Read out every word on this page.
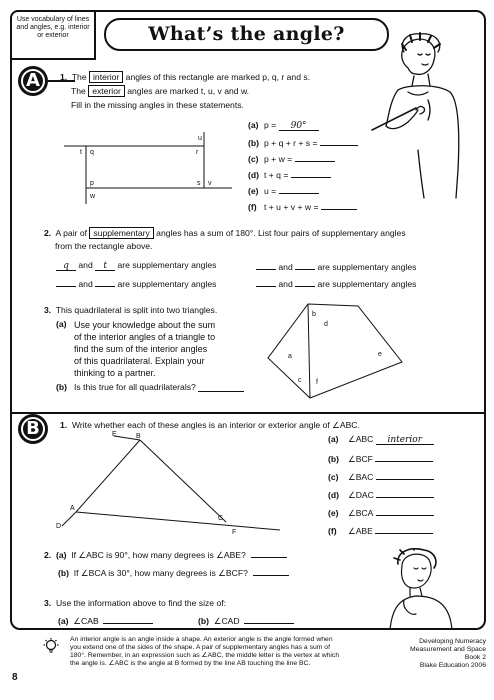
Use vocabulary of lines and angles, e.g. interior or exterior	What’s the angle?
A	1. The interior angles of this rectangle are marked p, q, r and s.
The exterior angles are marked t, u, v and w.
Fill in the missing angles in these statements.
u
t q	r
p	s v
w
(a) p =
	90°
(b) p + q + r + s =

(c) p + w =

(d) t + q =

(e) u =

(f) t + u + v + w =

2. A pair of supplementary angles has a sum of 180°. List four pairs of supplementary angles
from the rectangle above.
q and t are supplementary angles	and	are supplementary angles
and	are supplementary angles	and	are supplementary angles
3. This quadrilateral is split into two triangles.
(a) Use your knowledge about the sum
of the interior angles of a triangle to
find the sum of the interior angles
of this quadrilateral. Explain your
thinking to a partner.
(b) Is this true for all quadrilaterals?

b
d
a	e
c f
B	1. Write whether each of these angles is an interior or exterior angle of ∠ABC.
E	B
A
D
C
F
(a)	∠ABC
	interior
(b)	∠BCF

(c)	∠BAC

(d)	∠DAC

(e)	∠BCA

(f)	∠ABE

2. (a) If ∠ABC is 90°, how many degrees is ∠ABE?
(b) If ∠BCA is 30°, how many degrees is ∠BCF?
3. Use the information above to find the size of:
(a) ∠CAB	(b) ∠CAD
An interior angle is an angle inside a shape. An exterior angle is the angle formed when you extend one of the sides of the shape. A pair of supplementary angles has a sum of 180°. Remember, in an expression such as ∠ABC, the middle letter is the vertex at which the angle is. ∠ABC is the angle at B formed by the line AB touching the line BC.
Developing Numeracy
Measurement and Space
Book 2
Blake Education 2006
8
